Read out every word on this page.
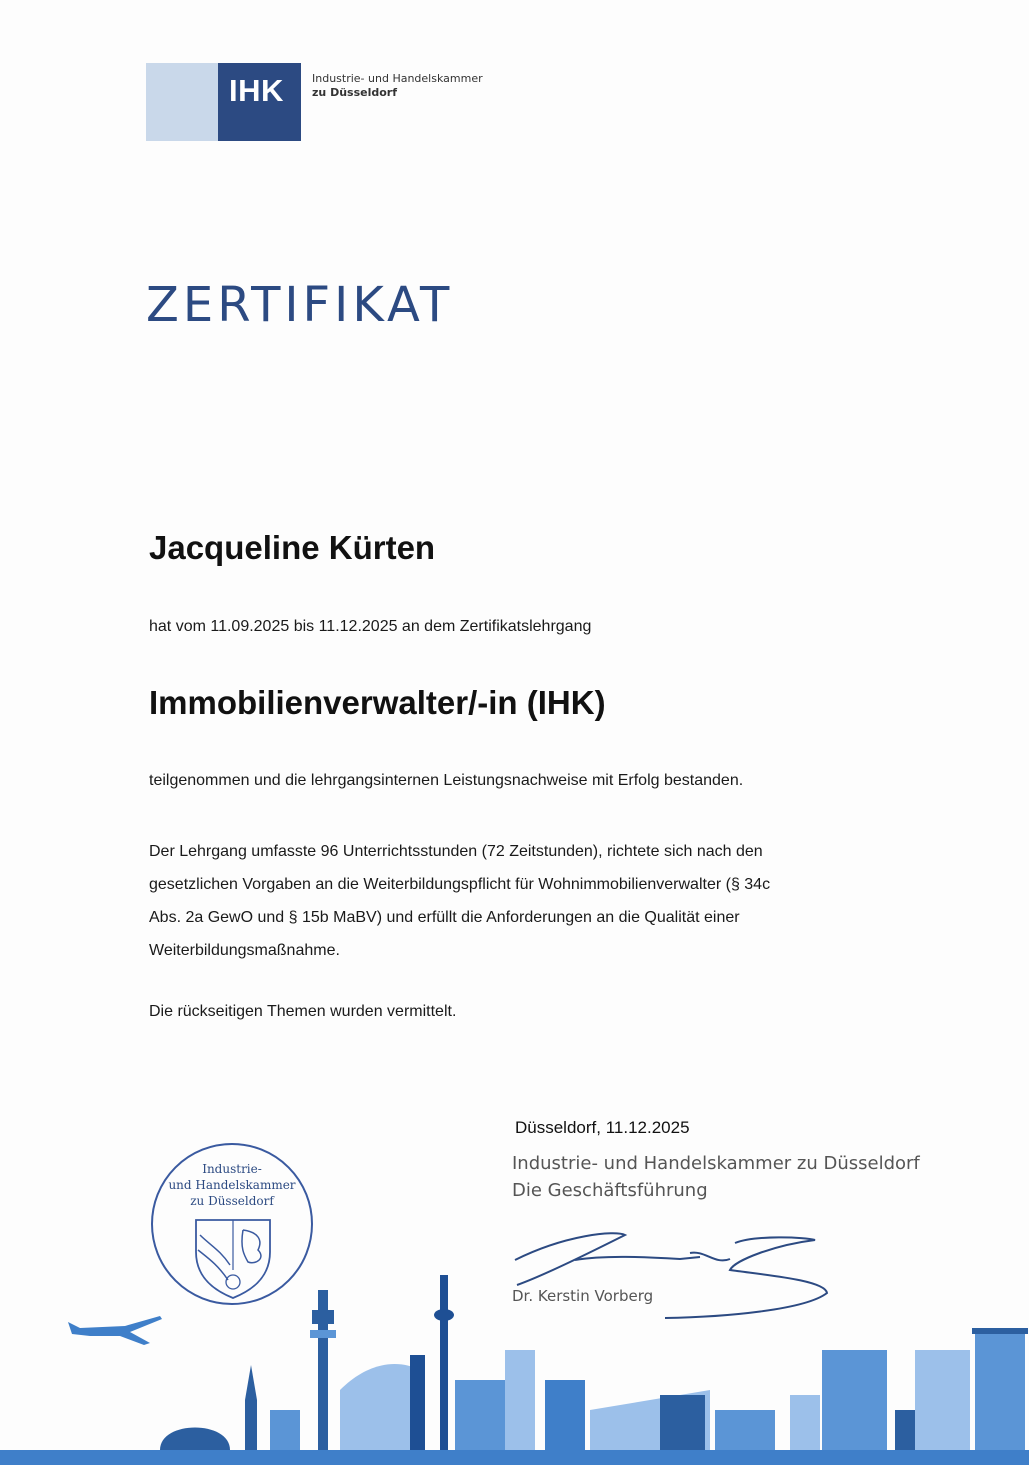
IHK	Industrie- und Handelskammer
zu Düsseldorf
ZERTIFIKAT
Jacqueline Kürten
hat vom 11.09.2025 bis 11.12.2025 an dem Zertifikatslehrgang
Immobilienverwalter/-in (IHK)
teilgenommen und die lehrgangsinternen Leistungsnachweise mit Erfolg bestanden.
Der Lehrgang umfasste 96 Unterrichtsstunden (72 Zeitstunden), richtete sich nach den
gesetzlichen Vorgaben an die Weiterbildungspflicht für Wohnimmobilienverwalter (§ 34c
Abs. 2a GewO und § 15b MaBV) und erfüllt die Anforderungen an die Qualität einer
Weiterbildungsmaßnahme.
Die rückseitigen Themen wurden vermittelt.
Düsseldorf, 11.12.2025
Industrie- und Handelskammer zu Düsseldorf
Die Geschäftsführung
Dr. Kerstin Vorberg
Industrie-
und Handelskammer
zu Düsseldorf
